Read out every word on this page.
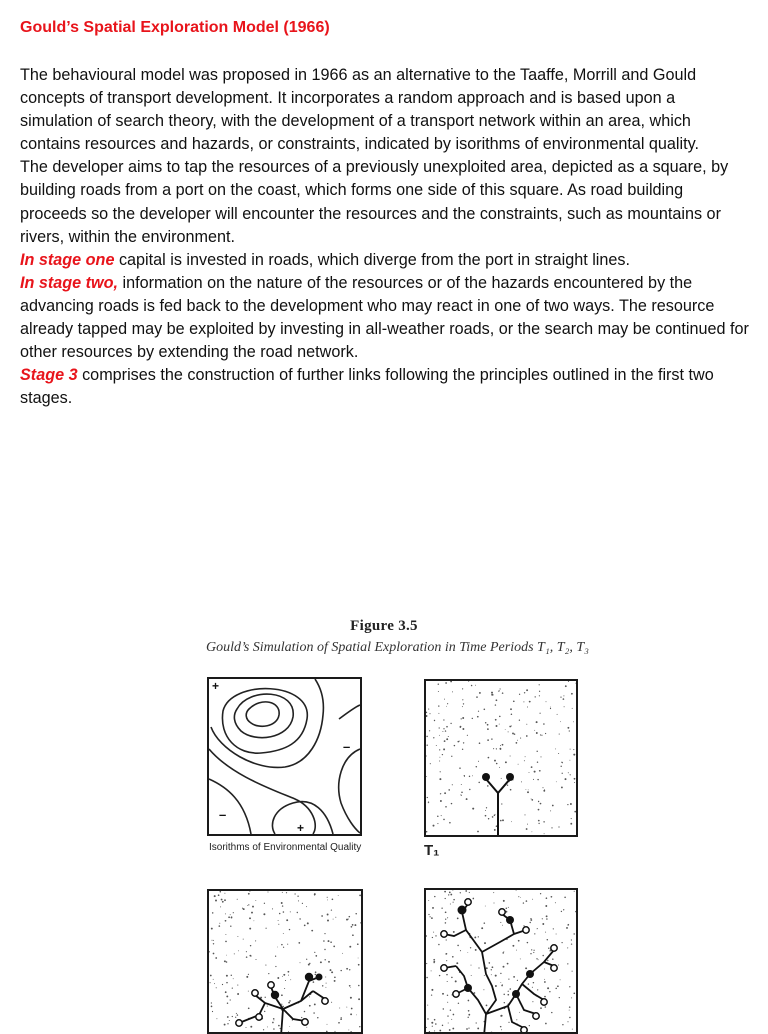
Gould’s Spatial Exploration Model (1966)

The behavioural model was proposed in 1966 as an alternative to the Taaffe, Morrill and Gould concepts of transport development. It incorporates a random approach and is based upon a simulation of search theory, with the development of a transport network within an area, which contains resources and hazards, or constraints, indicated by isorithms of environmental quality.

The developer aims to tap the resources of a previously unexploited area, depicted as a square, by building roads from a port on the coast, which forms one side of this square. As road building proceeds so the developer will encounter the resources and the constraints, such as mountains or rivers, within the environment.

In stage one capital is invested in roads, which diverge from the port in straight lines.

In stage two, information on the nature of the resources or of the hazards encountered by the advancing roads is fed back to the development who may react in one of two ways. The resource already tapped may be exploited by investing in all-weather roads, or the search may be continued for other resources by extending the road network.

Stage 3 comprises the construction of further links following the principles outlined in the first two stages.

Figure 3.5
Gould’s Simulation of Spatial Exploration in Time Periods T₁, T₂, T₃
+
–
–
+
Isorithms of Environmental Quality	T₁
